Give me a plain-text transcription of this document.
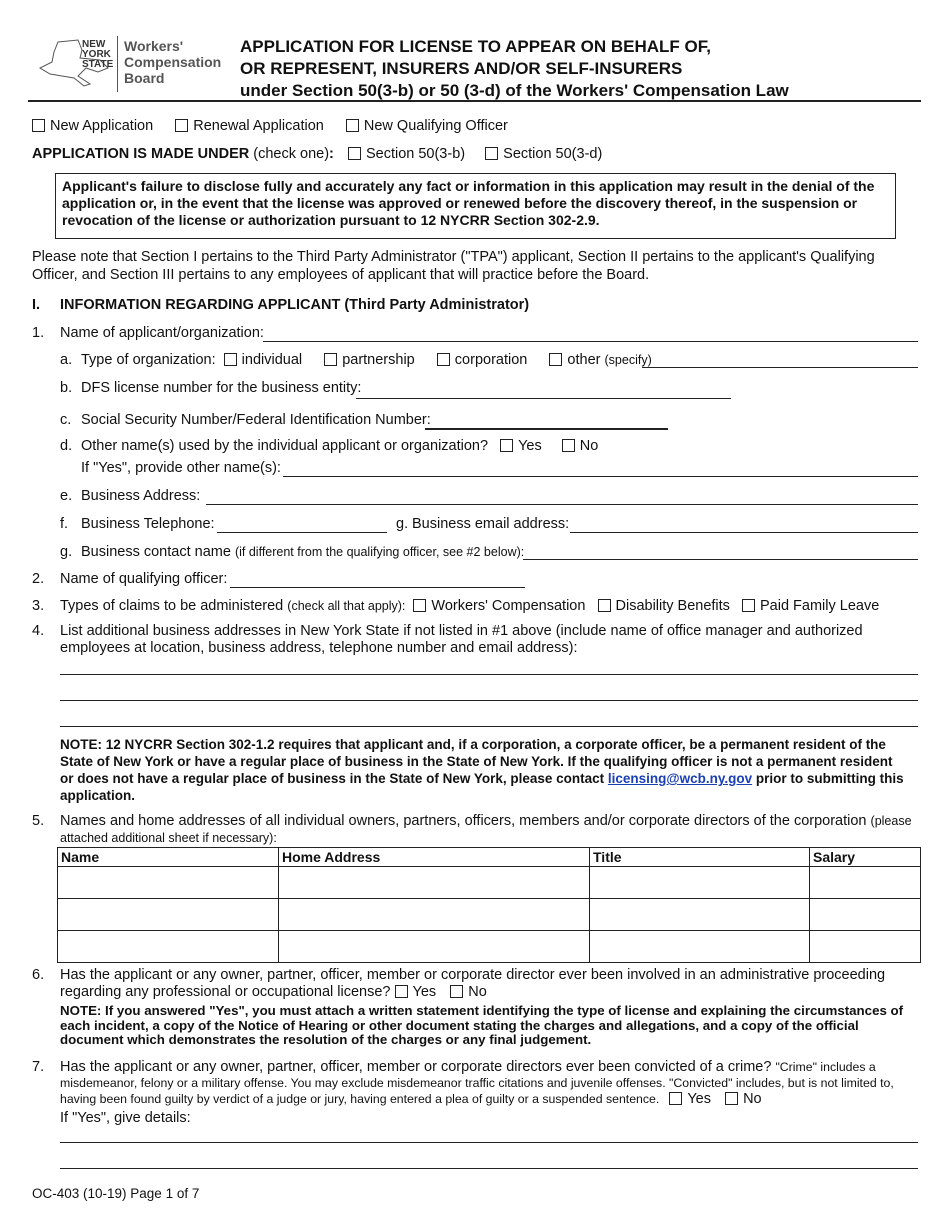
NEW
YORK
STATE
Workers'
Compensation
Board
APPLICATION FOR LICENSE TO APPEAR ON BEHALF OF,
OR REPRESENT, INSURERS AND/OR SELF-INSURERS
under Section 50(3-b) or 50 (3-d) of the Workers' Compensation Law
New Application	Renewal Application	New Qualifying Officer
APPLICATION IS MADE UNDER (check one): Section 50(3-b)	Section 50(3-d)
Applicant's failure to disclose fully and accurately any fact or information in this application may result in the denial of the application or, in the event that the license was approved or renewed before the discovery thereof, in the suspension or revocation of the license or authorization pursuant to 12 NYCRR Section 302-2.9.
Please note that Section I pertains to the Third Party Administrator ("TPA") applicant, Section II pertains to the applicant's Qualifying Officer, and Section III pertains to any employees of applicant that will practice before the Board.
I. INFORMATION REGARDING APPLICANT (Third Party Administrator)
1. Name of applicant/organization:
a. Type of organization: individual	partnership	corporation	other (specify)
b. DFS license number for the business entity:
c. Social Security Number/Federal Identification Number:
d. Other name(s) used by the individual applicant or organization? Yes	No
If "Yes", provide other name(s):
e. Business Address:
f. Business Telephone:	g. Business email address:
g. Business contact name (if different from the qualifying officer, see #2 below):
2. Name of qualifying officer:
3. Types of claims to be administered (check all that apply): Workers' Compensation Disability Benefits Paid Family Leave
4. List additional business addresses in New York State if not listed in #1 above (include name of office manager and authorized employees at location, business address, telephone number and email address):
NOTE: 12 NYCRR Section 302-1.2 requires that applicant and, if a corporation, a corporate officer, be a permanent resident of the State of New York or have a regular place of business in the State of New York. If the qualifying officer is not a permanent resident or does not have a regular place of business in the State of New York, please contact licensing@wcb.ny.gov prior to submitting this application.
5. Names and home addresses of all individual owners, partners, officers, members and/or corporate directors of the corporation (please attached additional sheet if necessary):
Name	Home Address	Title	Salary

6. Has the applicant or any owner, partner, officer, member or corporate director ever been involved in an administrative proceeding regarding any professional or occupational license? Yes No
NOTE: If you answered "Yes", you must attach a written statement identifying the type of license and explaining the circumstances of each incident, a copy of the Notice of Hearing or other document stating the charges and allegations, and a copy of the official document which demonstrates the resolution of the charges or any final judgement.
7. Has the applicant or any owner, partner, officer, member or corporate directors ever been convicted of a crime? "Crime" includes a misdemeanor, felony or a military offense. You may exclude misdemeanor traffic citations and juvenile offenses. "Convicted" includes, but is not limited to, having been found guilty by verdict of a judge or jury, having entered a plea of guilty or a suspended sentence. Yes No
If "Yes", give details:
OC-403 (10-19) Page 1 of 7
